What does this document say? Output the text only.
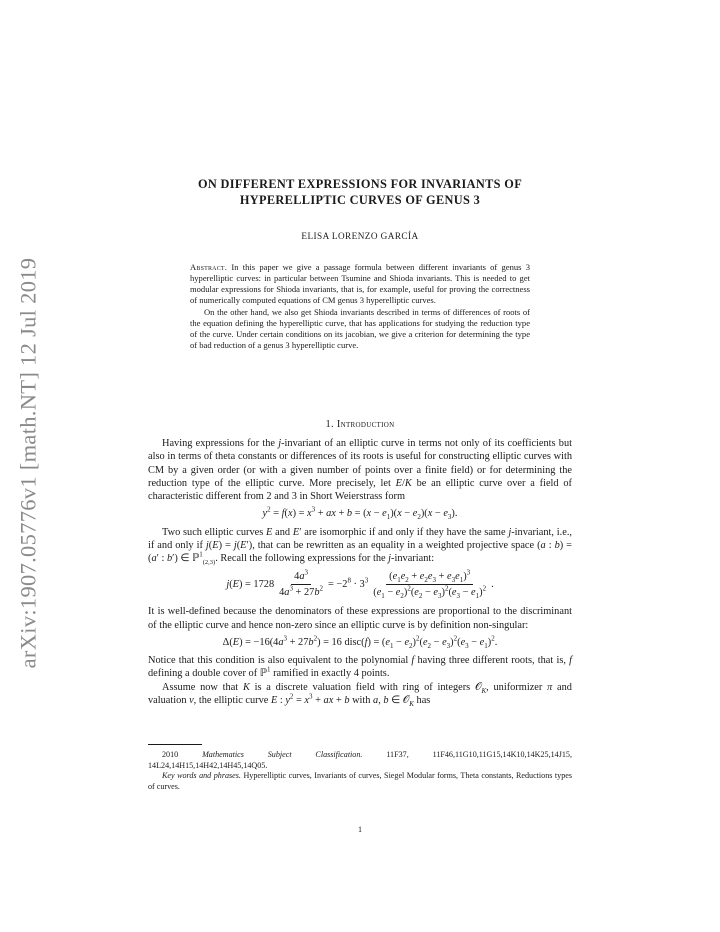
arXiv:1907.05776v1 [math.NT] 12 Jul 2019
ON DIFFERENT EXPRESSIONS FOR INVARIANTS OF
HYPERELLIPTIC CURVES OF GENUS 3
ELISA LORENZO GARCÍA

Abstract. In this paper we give a passage formula between different invariants of genus 3 hyperelliptic curves: in particular between Tsumine and Shioda invariants. This is needed to get modular expressions for Shioda invariants, that is, for example, useful for proving the correctness of numerically computed equations of CM genus 3 hyperelliptic curves.

On the other hand, we also get Shioda invariants described in terms of differences of roots of the equation defining the hyperelliptic curve, that has applications for studying the reduction type of the curve. Under certain conditions on its jacobian, we give a criterion for determining the type of bad reduction of a genus 3 hyperelliptic curve.

1. Introduction

Having expressions for the j-invariant of an elliptic curve in terms not only of its coefficients but also in terms of theta constants or differences of its roots is useful for constructing elliptic curves with CM by a given order (or with a given number of points over a finite field) or for determining the reduction type of the elliptic curve. More precisely, let E/K be an elliptic curve over a field of characteristic different from 2 and 3 in Short Weierstrass form

$y^2 = f(x) = x^3$ + ax + $b = (x - e_1)(x - e_2)(x - e_3)$.

Two such elliptic curves E and E′ are isomorphic if and only if they have the same j-invariant, i.e., if and only if j(E) = j(E′), that can be rewritten as an equality in a weighted projective space (a : b) = (a′ : b′) ∈ ℙ$^1_{(2,3)}$. Recall the following expressions for the j-invariant:

$j(E) = 1728 \frac{4a^3}{4a^3 + 27b^2} = -2^8 \cdot 3^3 \frac{(e_1e_2 + e_2e_3 + e_3e_1)^3}{(e_1 - e_2)^2(e_2 - e_3)^2(e_3 - e_1)^2}$ .

It is well-defined because the denominators of these expressions are proportional to the discriminant of the elliptic curve and hence non-zero since an elliptic curve is by definition non-singular:

$\Delta(E) = -16(4a^3 + 27b^2) = 16$ disc(f) = $(e_1 - e_2)^2(e_2 - e_3)^2(e_3 - e_1)^2$.

Notice that this condition is also equivalent to the polynomial f having three different roots, that is, f defining a double cover of ℙ$^1$ ramified in exactly 4 points.

Assume now that K is a discrete valuation field with ring of integers 𝒪$_K$, uniformizer π and valuation v, the elliptic curve E : $y^2 = x^3$ + ax + b with a, b ∈ 𝒪$_K$ has

2010	Mathematics Subject Classification.	11F37, 11F46,11G10,11G15,14K10,14K25,14J15, 14L24,14H15,14H42,14H45,14Q05.

Key words and phrases. Hyperelliptic curves, Invariants of curves, Siegel Modular forms, Theta constants, Reductions types of curves.

1
